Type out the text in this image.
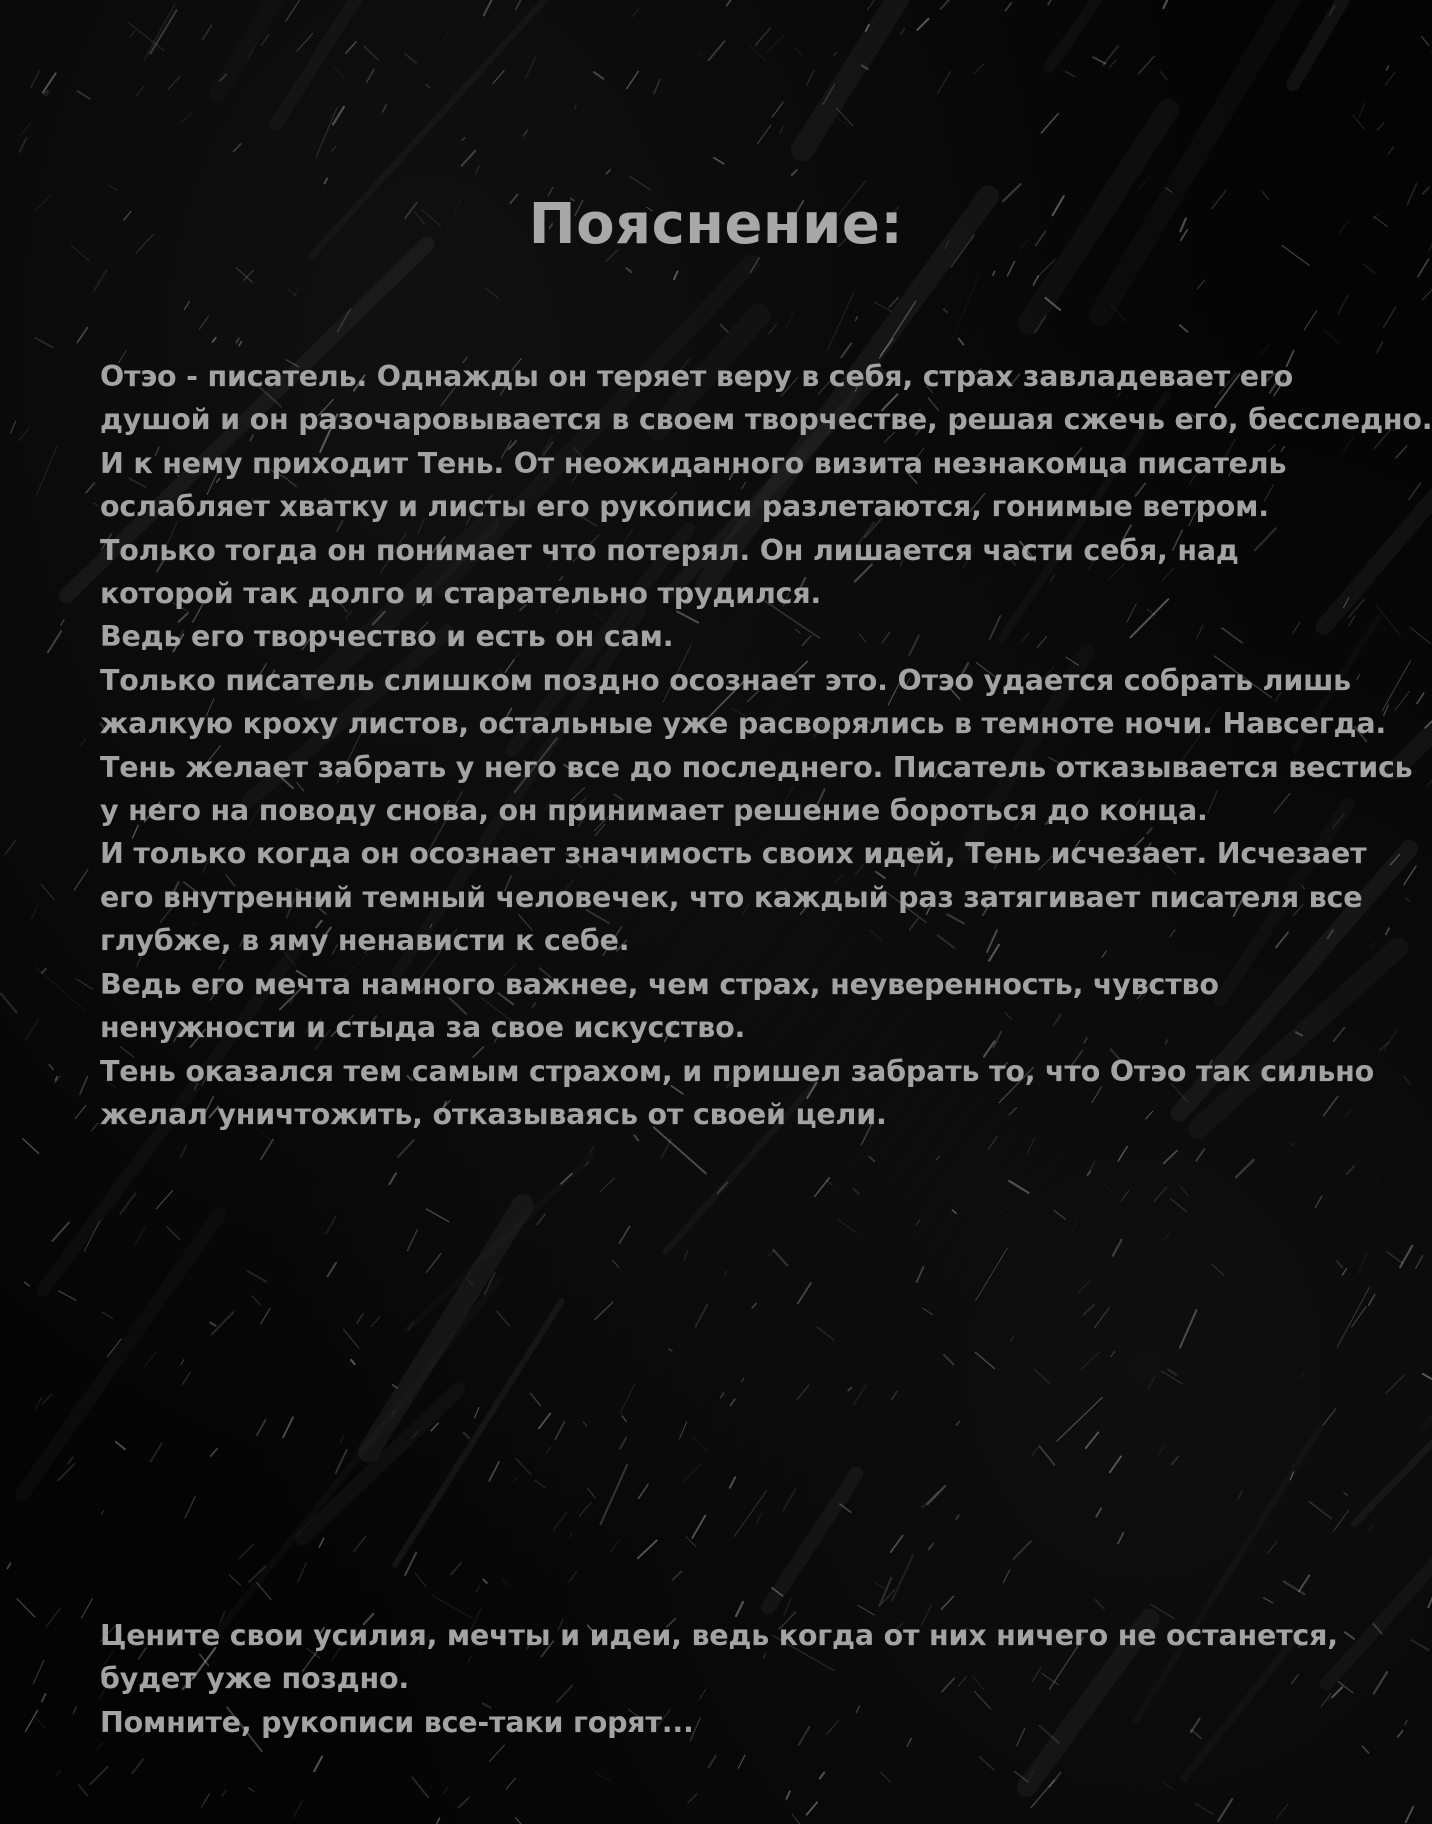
Пояснение:
Отэо - писатель. Однажды он теряет веру в себя, страх завладевает его
душой и он разочаровывается в своем творчестве, решая сжечь его, бесследно.
И к нему приходит Тень. От неожиданного визита незнакомца писатель
ослабляет хватку и листы его рукописи разлетаются, гонимые ветром.
Только тогда он понимает что потерял. Он лишается части себя, над
которой так долго и старательно трудился.
Ведь его творчество и есть он сам.
Только писатель слишком поздно осознает это. Отэо удается собрать лишь
жалкую кроху листов, остальные уже расворялись в темноте ночи. Навсегда.
Тень желает забрать у него все до последнего. Писатель отказывается вестись
у него на поводу снова, он принимает решение бороться до конца.
И только когда он осознает значимость своих идей, Тень исчезает. Исчезает
его внутренний темный человечек, что каждый раз затягивает писателя все
глубже, в яму ненависти к себе.
Ведь его мечта намного важнее, чем страх, неуверенность, чувство
ненужности и стыда за свое искусство.
Тень оказался тем самым страхом, и пришел забрать то, что Отэо так сильно
желал уничтожить, отказываясь от своей цели.
Цените свои усилия, мечты и идеи, ведь когда от них ничего не останется,
будет уже поздно.
Помните, рукописи все-таки горят...
